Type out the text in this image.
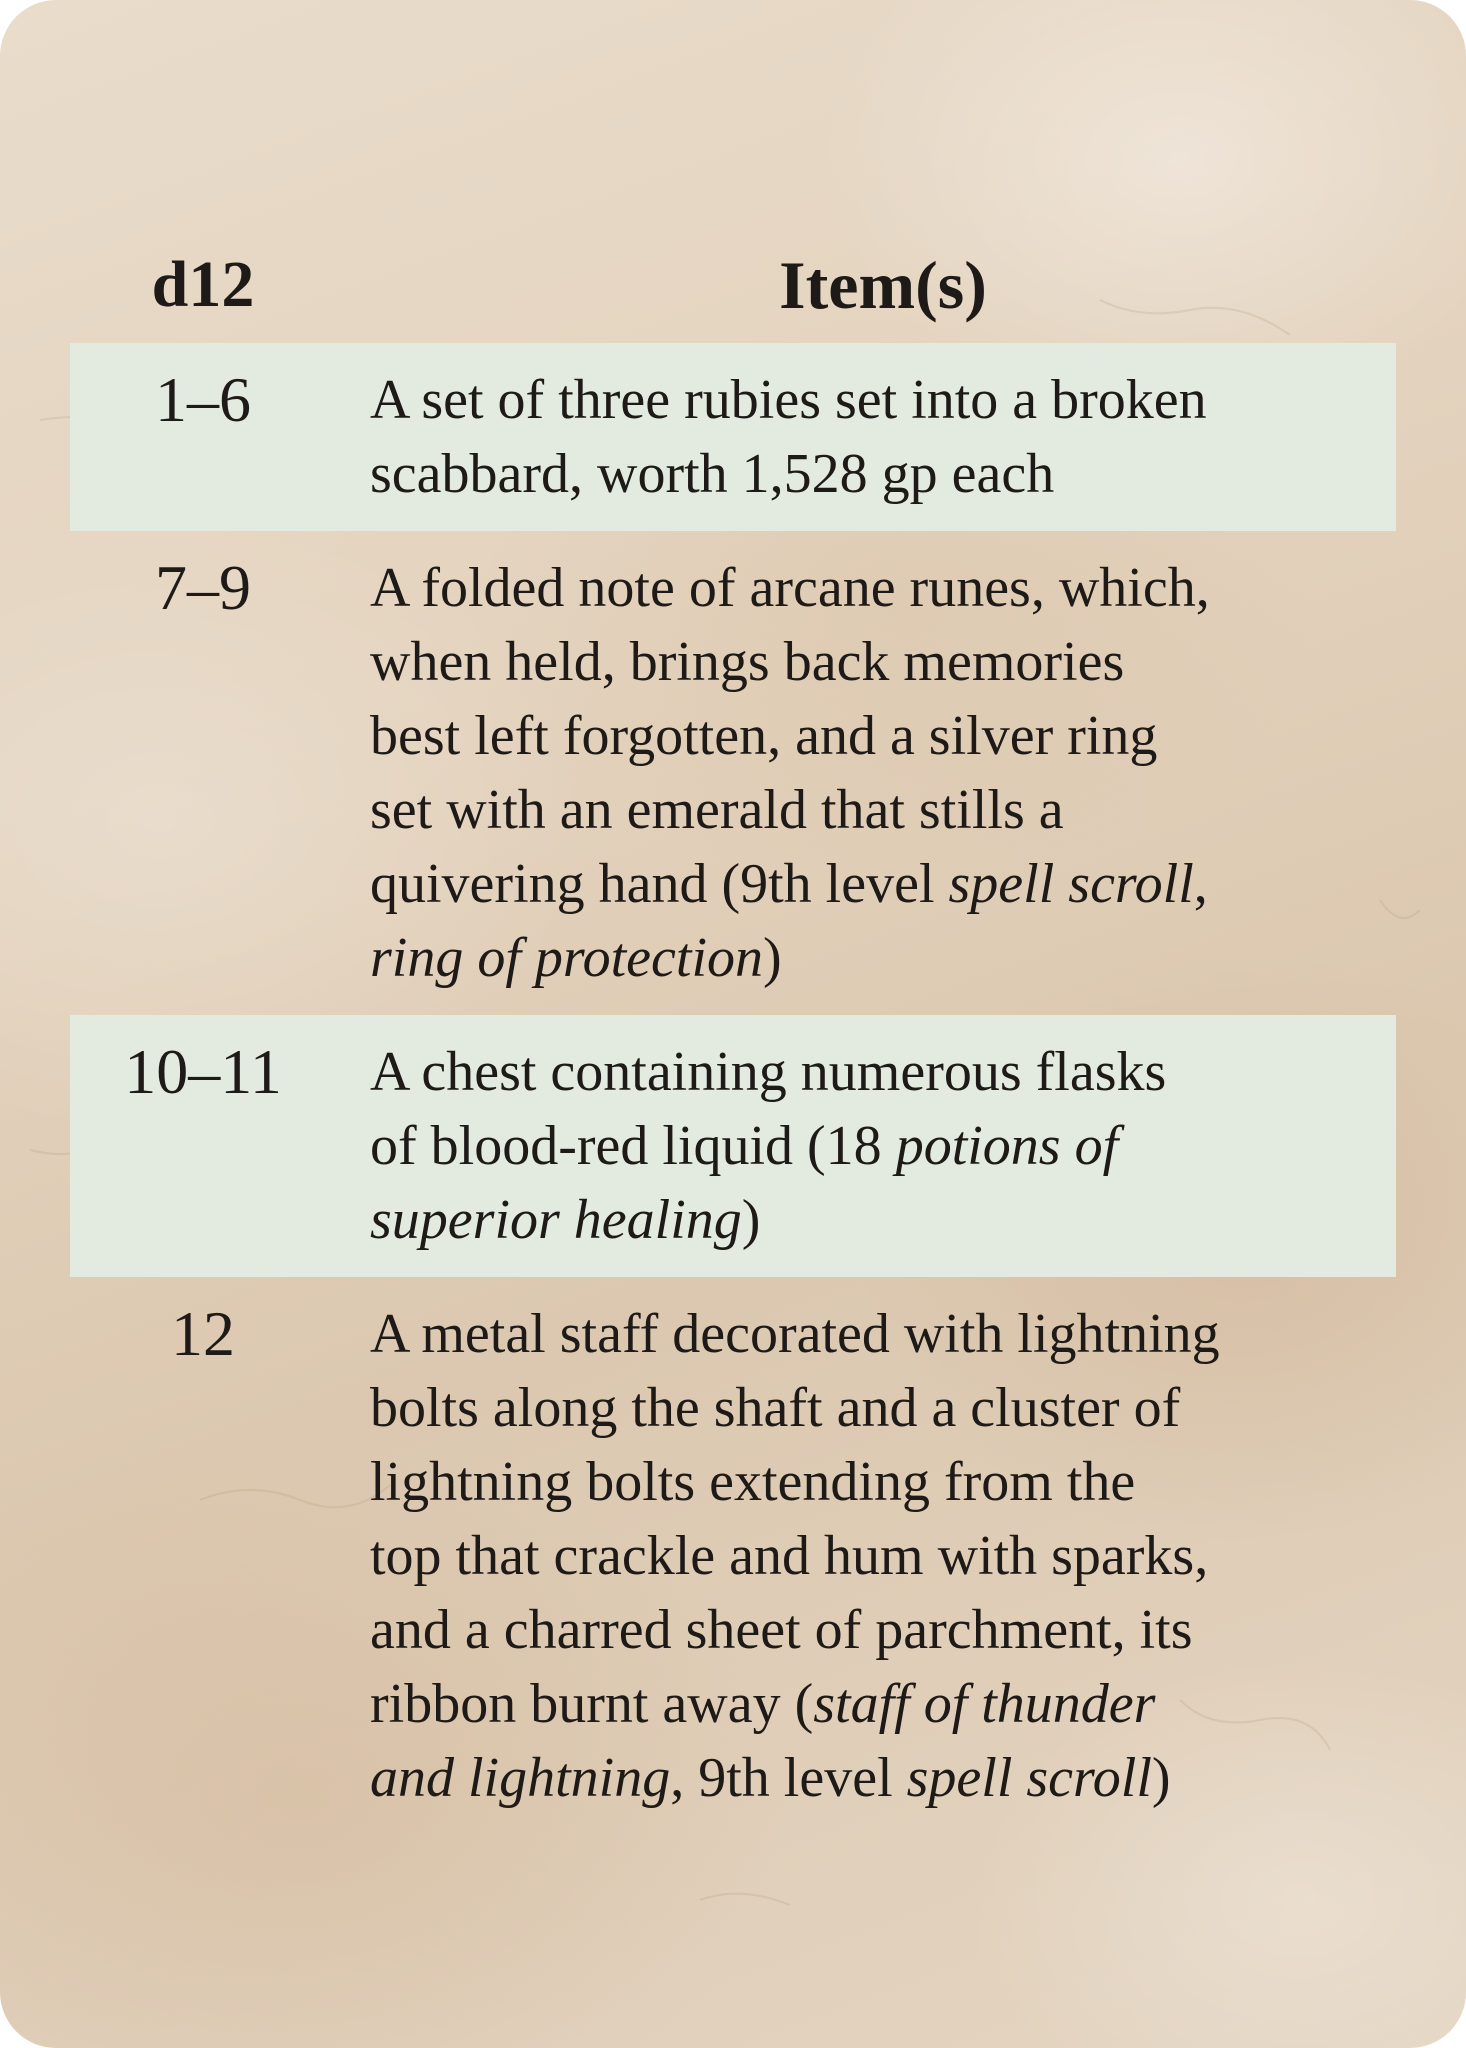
d12	Item(s)
1–6	A set of three rubies set into a broken
scabbard, worth 1,528 gp each
7–9	A folded note of arcane runes, which,
when held, brings back memories
best left forgotten, and a silver ring
set with an emerald that stills a
quivering hand (9th level spell scroll,
ring of protection)
10–11	A chest containing numerous flasks
of blood-red liquid (18 potions of
superior healing)
12	A metal staff decorated with lightning
bolts along the shaft and a cluster of
lightning bolts extending from the
top that crackle and hum with sparks,
and a charred sheet of parchment, its
ribbon burnt away (staff of thunder
and lightning, 9th level spell scroll)
